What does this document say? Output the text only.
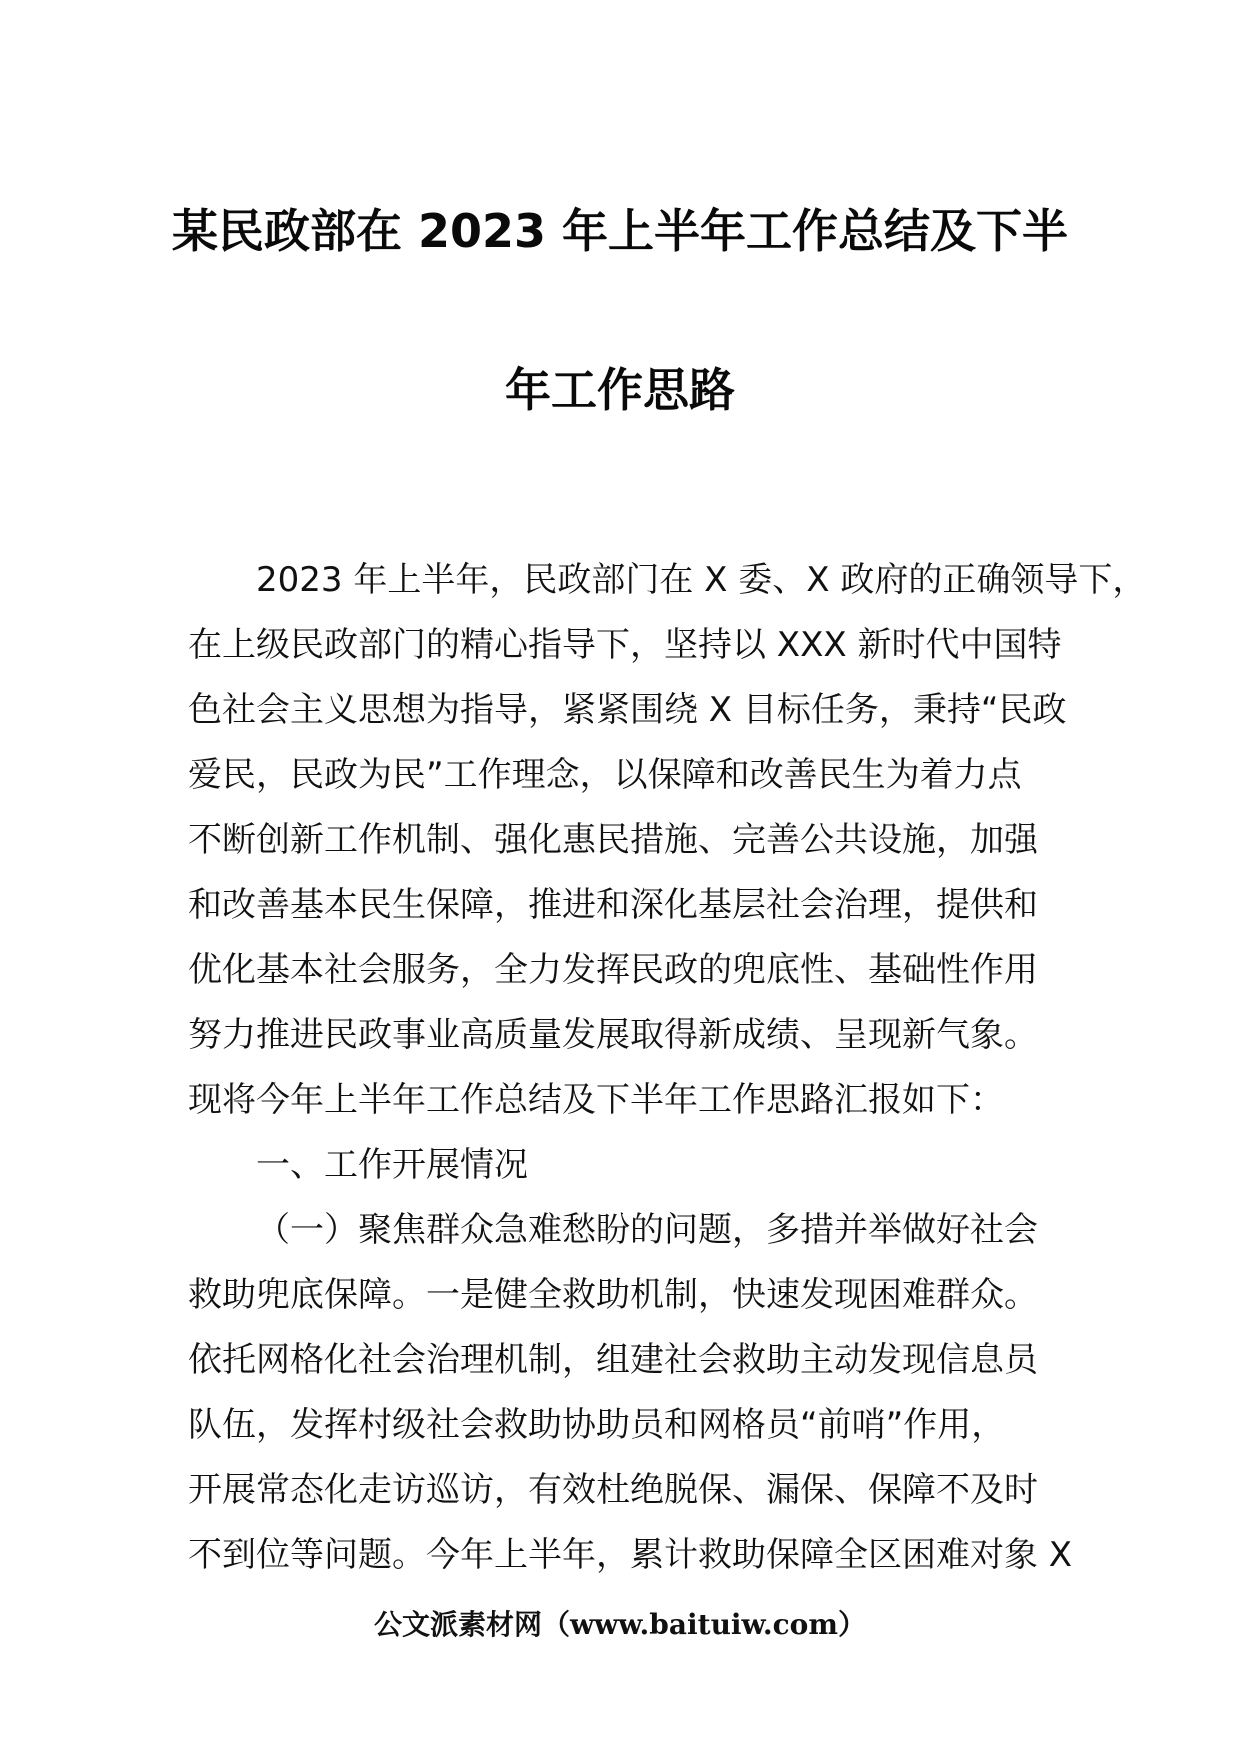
某民政部在 2023 年上半年工作总结及下半
年工作思路
2023 年上半年，民政部门在 X 委、X 政府的正确领导下，
在上级民政部门的精心指导下，坚持以 XXX 新时代中国特
色社会主义思想为指导，紧紧围绕 X 目标任务，秉持“民政
爱民，民政为民”工作理念，以保障和改善民生为着力点
不断创新工作机制、强化惠民措施、完善公共设施，加强
和改善基本民生保障，推进和深化基层社会治理，提供和
优化基本社会服务，全力发挥民政的兜底性、基础性作用
努力推进民政事业高质量发展取得新成绩、呈现新气象。
现将今年上半年工作总结及下半年工作思路汇报如下：
一、工作开展情况
（一）聚焦群众急难愁盼的问题，多措并举做好社会
救助兜底保障。一是健全救助机制，快速发现困难群众。
依托网格化社会治理机制，组建社会救助主动发现信息员
队伍，发挥村级社会救助协助员和网格员“前哨”作用，
开展常态化走访巡访，有效杜绝脱保、漏保、保障不及时
不到位等问题。今年上半年，累计救助保障全区困难对象 X
公文派素材网（www.baituiw.com）
